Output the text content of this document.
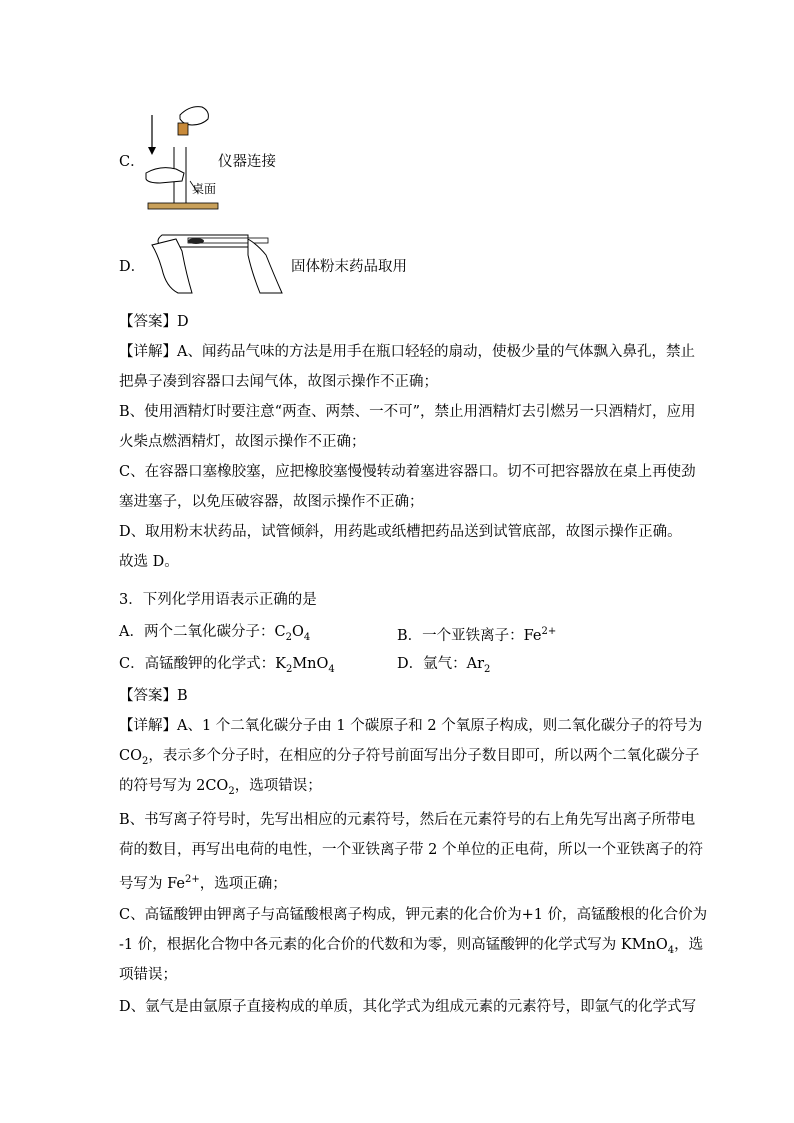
C．
桌面
仪器连接
D．	固体粉末药品取用
【答案】D
【详解】A、闻药品气味的方法是用手在瓶口轻轻的扇动，使极少量的气体飘入鼻孔，禁止
把鼻子凑到容器口去闻气体，故图示操作不正确；
B、使用酒精灯时要注意“两查、两禁、一不可”，禁止用酒精灯去引燃另一只酒精灯，应用
火柴点燃酒精灯，故图示操作不正确；
C、在容器口塞橡胶塞，应把橡胶塞慢慢转动着塞进容器口。切不可把容器放在桌上再使劲
塞进塞子，以免压破容器，故图示操作不正确；
D、取用粉末状药品，试管倾斜，用药匙或纸槽把药品送到试管底部，故图示操作正确。
故选 D。
3．下列化学用语表示正确的是
A．两个二氧化碳分子：$C_2O_4$	B．一个亚铁离子：$Fe^{2+}$
C．高锰酸钾的化学式：$K_2MnO_4$	D．氩气：$Ar_2$
【答案】B
【详解】A、1 个二氧化碳分子由 1 个碳原子和 2 个氧原子构成，则二氧化碳分子的符号为
$CO_2$，表示多个分子时，在相应的分子符号前面写出分子数目即可，所以两个二氧化碳分子
的符号写为 $2CO_2$，选项错误；
B、书写离子符号时，先写出相应的元素符号，然后在元素符号的右上角先写出离子所带电
荷的数目，再写出电荷的电性，一个亚铁离子带 2 个单位的正电荷，所以一个亚铁离子的符
号写为 $Fe^{2+}$，选项正确；
C、高锰酸钾由钾离子与高锰酸根离子构成，钾元素的化合价为+1 价，高锰酸根的化合价为
-1 价，根据化合物中各元素的化合价的代数和为零，则高锰酸钾的化学式写为 KMnO$_4$，选
项错误；
D、氩气是由氩原子直接构成的单质，其化学式为组成元素的元素符号，即氩气的化学式写
